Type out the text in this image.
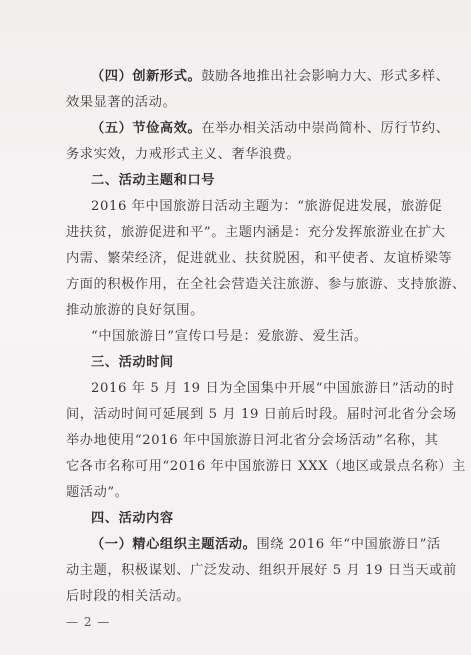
（四）创新形式。鼓励各地推出社会影响力大、形式多样、
效果显著的活动。
（五）节俭高效。在举办相关活动中崇尚简朴、厉行节约、
务求实效，力戒形式主义、奢华浪费。
二、活动主题和口号
2016 年中国旅游日活动主题为：“旅游促进发展，旅游促
进扶贫，旅游促进和平”。主题内涵是：充分发挥旅游业在扩大
内需、繁荣经济，促进就业、扶贫脱困，和平使者、友谊桥梁等
方面的积极作用，在全社会营造关注旅游、参与旅游、支持旅游、
推动旅游的良好氛围。
“中国旅游日”宣传口号是：爱旅游、爱生活。
三、活动时间
2016 年 5 月 19 日为全国集中开展“中国旅游日”活动的时
间，活动时间可延展到 5 月 19 日前后时段。届时河北省分会场
举办地使用“2016 年中国旅游日河北省分会场活动”名称，其
它各市名称可用“2016 年中国旅游日 XXX（地区或景点名称）主
题活动”。
四、活动内容
（一）精心组织主题活动。围绕 2016 年“中国旅游日”活
动主题，积极谋划、广泛发动、组织开展好 5 月 19 日当天或前
后时段的相关活动。
— 2 —
